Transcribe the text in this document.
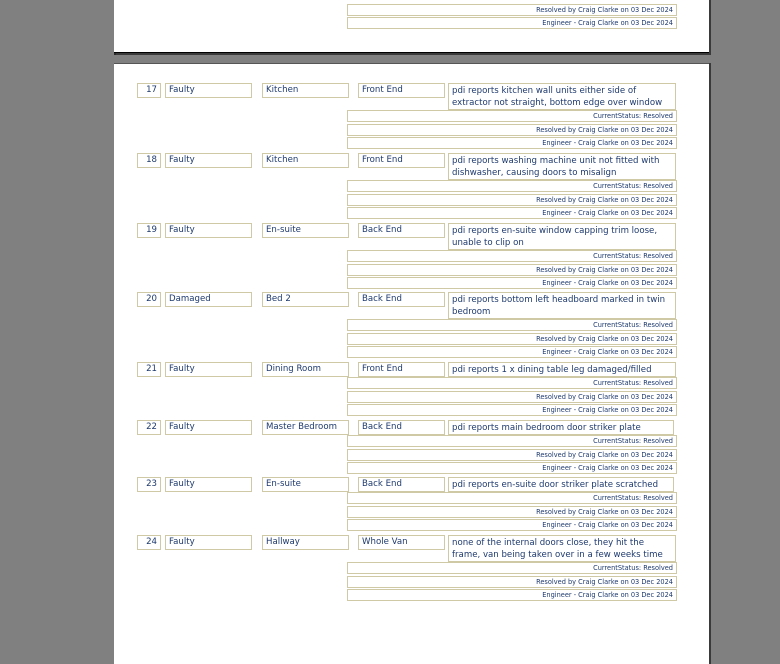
Resolved by Craig Clarke on 03 Dec 2024
Engineer - Craig Clarke on 03 Dec 2024
17	Faulty	Kitchen	Front End	pdi reports kitchen wall units either side of extractor not straight, bottom edge over window
CurrentStatus: Resolved
Resolved by Craig Clarke on 03 Dec 2024
Engineer - Craig Clarke on 03 Dec 2024
18	Faulty	Kitchen	Front End	pdi reports washing machine unit not fitted with dishwasher, causing doors to misalign
CurrentStatus: Resolved
Resolved by Craig Clarke on 03 Dec 2024
Engineer - Craig Clarke on 03 Dec 2024
19	Faulty	En-suite	Back End	pdi reports en-suite window capping trim loose, unable to clip on
CurrentStatus: Resolved
Resolved by Craig Clarke on 03 Dec 2024
Engineer - Craig Clarke on 03 Dec 2024
20	Damaged	Bed 2	Back End	pdi reports bottom left headboard marked in twin bedroom
CurrentStatus: Resolved
Resolved by Craig Clarke on 03 Dec 2024
Engineer - Craig Clarke on 03 Dec 2024
21	Faulty	Dining Room	Front End	pdi reports 1 x dining table leg damaged/filled
CurrentStatus: Resolved
Resolved by Craig Clarke on 03 Dec 2024
Engineer - Craig Clarke on 03 Dec 2024
22	Faulty	Master Bedroom	Back End	pdi reports main bedroom door striker plate
CurrentStatus: Resolved
Resolved by Craig Clarke on 03 Dec 2024
Engineer - Craig Clarke on 03 Dec 2024
23	Faulty	En-suite	Back End	pdi reports en-suite door striker plate scratched
CurrentStatus: Resolved
Resolved by Craig Clarke on 03 Dec 2024
Engineer - Craig Clarke on 03 Dec 2024
24	Faulty	Hallway	Whole Van	none of the internal doors close, they hit the frame, van being taken over in a few weeks time
CurrentStatus: Resolved
Resolved by Craig Clarke on 03 Dec 2024
Engineer - Craig Clarke on 03 Dec 2024
